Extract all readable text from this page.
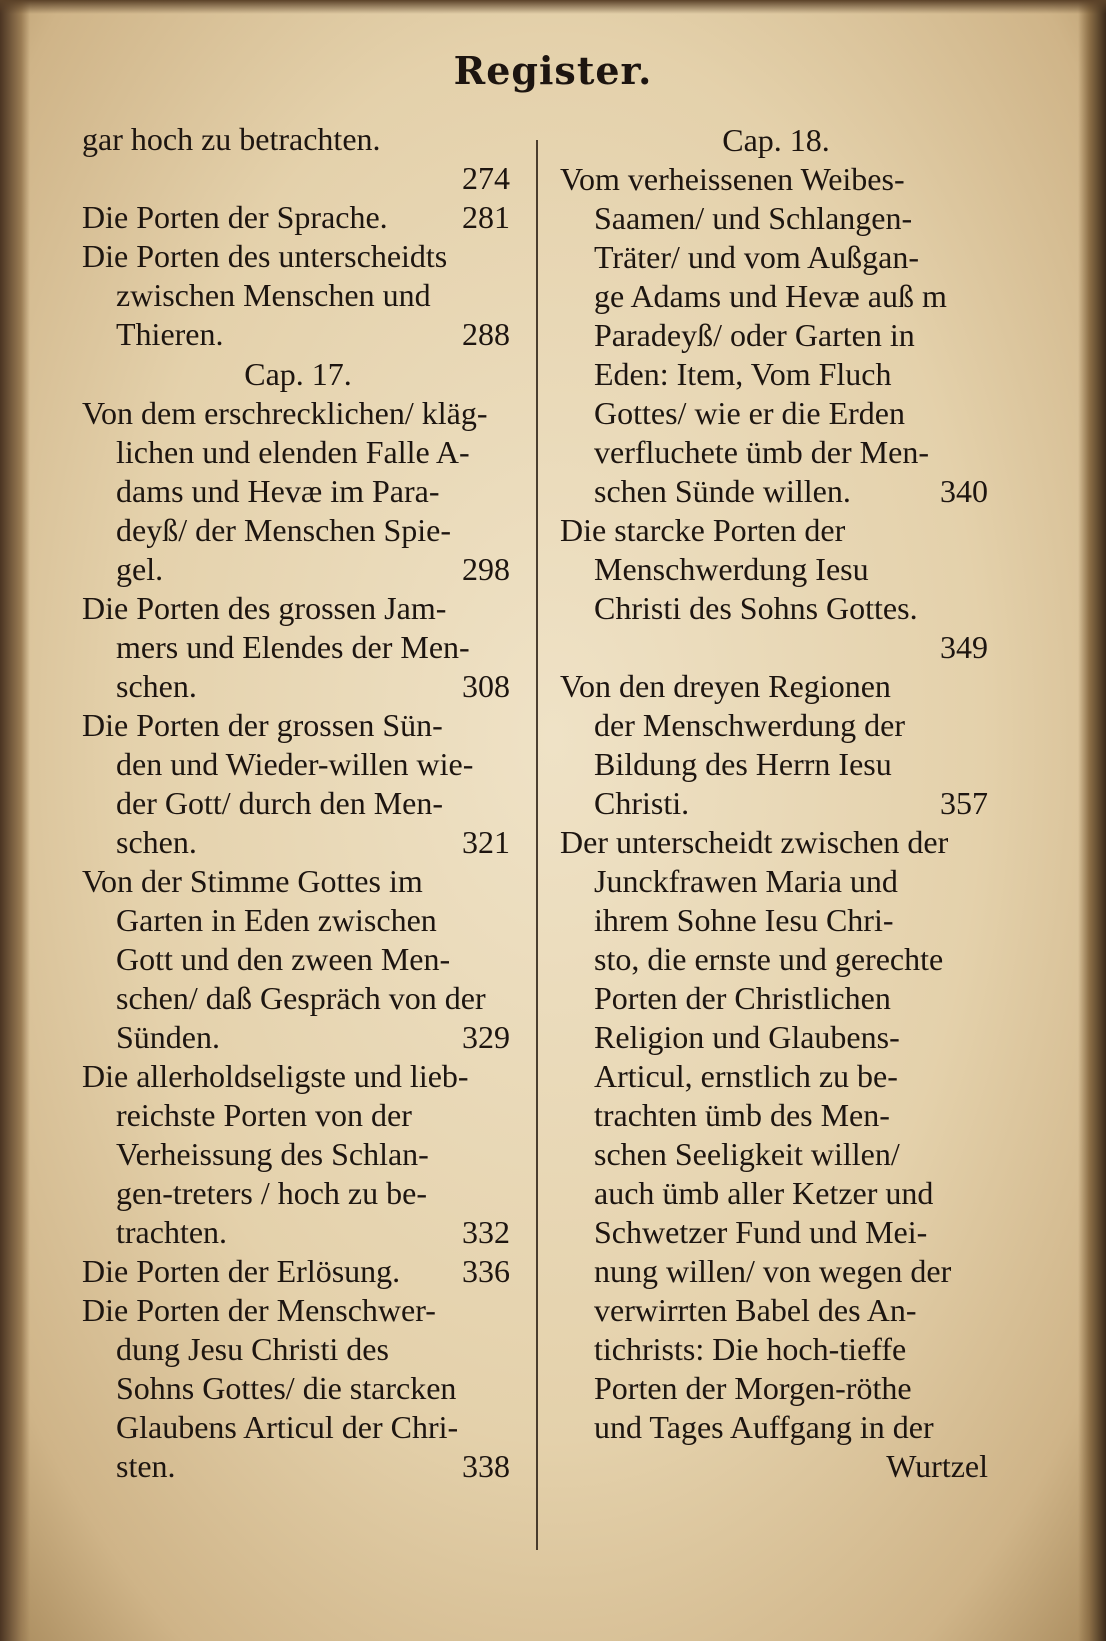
Register.
gar hoch zu betrachten.
274
281
Die Porten der Sprache.
Die Porten des unterscheidts
zwischen Menschen und
288
Thieren.
Cap. 17.
Von dem erschrecklichen/ kläg-
lichen und elenden Falle A-
dams und Hevæ im Para-
deyß/ der Menschen Spie-
298
gel.
Die Porten des grossen Jam-
mers und Elendes der Men-
308
schen.
Die Porten der grossen Sün-
den und Wieder-willen wie-
der Gott/ durch den Men-
321
schen.
Von der Stimme Gottes im
Garten in Eden zwischen
Gott und den zween Men-
schen/ daß Gespräch von der
329
Sünden.
Die allerholdseligste und lieb-
reichste Porten von der
Verheissung des Schlan-
gen-treters / hoch zu be-
332
trachten.
336
Die Porten der Erlösung.
Die Porten der Menschwer-
dung Jesu Christi des
Sohns Gottes/ die starcken
Glaubens Articul der Chri-
338
sten.
Cap. 18.
Vom verheissenen Weibes-
Saamen/ und Schlangen-
Träter/ und vom Außgan-
ge Adams und Hevæ auß m
Paradeyß/ oder Garten in
Eden: Item, Vom Fluch
Gottes/ wie er die Erden
verfluchete ümb der Men-
340
schen Sünde willen.
Die starcke Porten der
Menschwerdung Iesu
Christi des Sohns Gottes.
349
Von den dreyen Regionen
der Menschwerdung der
Bildung des Herrn Iesu
357
Christi.
Der unterscheidt zwischen der
Junckfrawen Maria und
ihrem Sohne Iesu Chri-
sto, die ernste und gerechte
Porten der Christlichen
Religion und Glaubens-
Articul, ernstlich zu be-
trachten ümb des Men-
schen Seeligkeit willen/
auch ümb aller Ketzer und
Schwetzer Fund und Mei-
nung willen/ von wegen der
verwirrten Babel des An-
tichrists: Die hoch-tieffe
Porten der Morgen-röthe
und Tages Auffgang in der
Wurtzel
